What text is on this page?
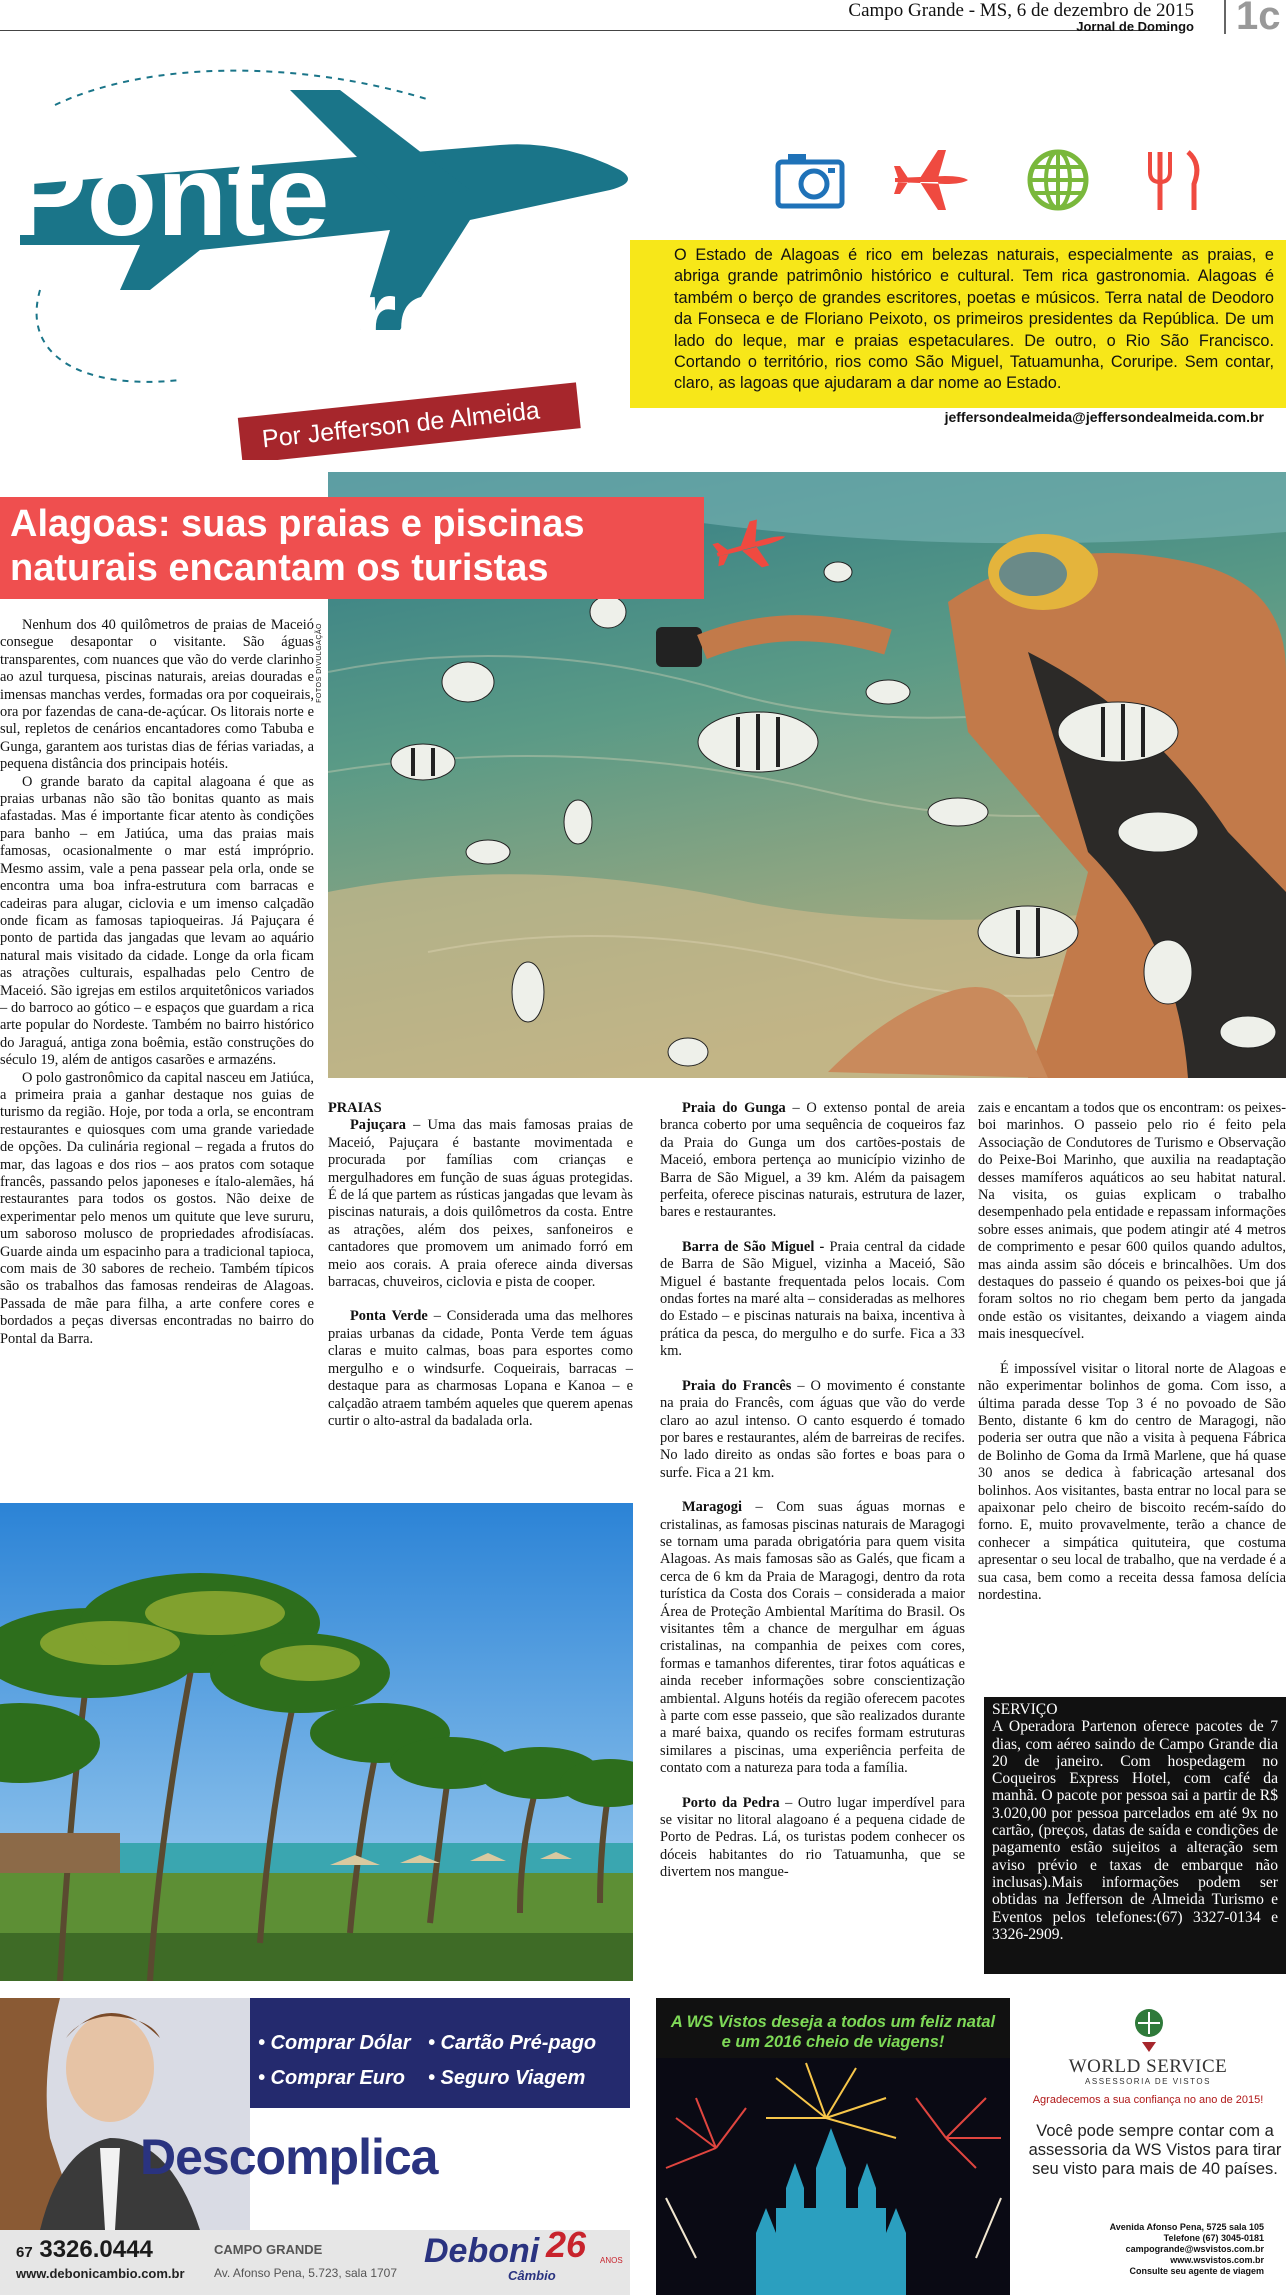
Campo Grande - MS, 6 de dezembro de 2015
Jornal de Domingo 1c
Ponte
Aérea
Por Jefferson de Almeida
O Estado de Alagoas é rico em belezas naturais, especialmente as praias, e abriga grande patrimônio histórico e cultural. Tem rica gastronomia. Alagoas é também o berço de grandes escritores, poetas e músicos. Terra natal de Deodoro da Fonseca e de Floriano Peixoto, os primeiros presidentes da República. De um lado do leque, mar e praias espetaculares. De outro, o Rio São Francisco. Cortando o território, rios como São Miguel, Tatuamunha, Coruripe. Sem contar, claro, as lagoas que ajudaram a dar nome ao Estado.
jeffersondealmeida@jeffersondealmeida.com.br
FOTOS DIVULGAÇÃO
Alagoas: suas praias e piscinas
naturais encantam os turistas

Nenhum dos 40 quilômetros de praias de Maceió consegue desapontar o visitante. São águas transparentes, com nuances que vão do verde clarinho ao azul turquesa, piscinas naturais, areias douradas e imensas manchas verdes, formadas ora por coqueirais, ora por fazendas de cana-de-açúcar. Os litorais norte e sul, repletos de cenários encantadores como Tabuba e Gunga, garantem aos turistas dias de férias variadas, a pequena distância dos principais hotéis.

O grande barato da capital alagoana é que as praias urbanas não são tão bonitas quanto as mais afastadas. Mas é importante ficar atento às condições para banho – em Jatiúca, uma das praias mais famosas, ocasionalmente o mar está impróprio. Mesmo assim, vale a pena passear pela orla, onde se encontra uma boa infra-estrutura com barracas e cadeiras para alugar, ciclovia e um imenso calçadão onde ficam as famosas tapioqueiras. Já Pajuçara é ponto de partida das jangadas que levam ao aquário natural mais visitado da cidade. Longe da orla ficam as atrações culturais, espalhadas pelo Centro de Maceió. São igrejas em estilos arquitetônicos variados – do barroco ao gótico – e espaços que guardam a rica arte popular do Nordeste. Também no bairro histórico do Jaraguá, antiga zona boêmia, estão construções do século 19, além de antigos casarões e armazéns.

O polo gastronômico da capital nasceu em Jatiúca, a primeira praia a ganhar destaque nos guias de turismo da região. Hoje, por toda a orla, se encontram restaurantes e quiosques com uma grande variedade de opções. Da culinária regional – regada a frutos do mar, das lagoas e dos rios – aos pratos com sotaque francês, passando pelos japoneses e ítalo-alemães, há restaurantes para todos os gostos. Não deixe de experimentar pelo menos um quitute que leve sururu, um saboroso molusco de propriedades afrodisíacas. Guarde ainda um espacinho para a tradicional tapioca, com mais de 30 sabores de recheio. Também típicos são os trabalhos das famosas rendeiras de Alagoas. Passada de mãe para filha, a arte confere cores e bordados a peças diversas encontradas no bairro do Pontal da Barra.

PRAIAS

Pajuçara – Uma das mais famosas praias de Maceió, Pajuçara é bastante movimentada e procurada por famílias com crianças e mergulhadores em função de suas águas protegidas. É de lá que partem as rústicas jangadas que levam às piscinas naturais, a dois quilômetros da costa. Entre as atrações, além dos peixes, sanfoneiros e cantadores que promovem um animado forró em meio aos corais. A praia oferece ainda diversas barracas, chuveiros, ciclovia e pista de cooper.

Ponta Verde – Considerada uma das melhores praias urbanas da cidade, Ponta Verde tem águas claras e muito calmas, boas para esportes como mergulho e o windsurfe. Coqueirais, barracas – destaque para as charmosas Lopana e Kanoa – e calçadão atraem também aqueles que querem apenas curtir o alto-astral da badalada orla.

Praia do Gunga – O extenso pontal de areia branca coberto por uma sequência de coqueiros faz da Praia do Gunga um dos cartões-postais de Maceió, embora pertença ao município vizinho de Barra de São Miguel, a 39 km. Além da paisagem perfeita, oferece piscinas naturais, estrutura de lazer, bares e restaurantes.

Barra de São Miguel - Praia central da cidade de Barra de São Miguel, vizinha a Maceió, São Miguel é bastante frequentada pelos locais. Com ondas fortes na maré alta – consideradas as melhores do Estado – e piscinas naturais na baixa, incentiva à prática da pesca, do mergulho e do surfe. Fica a 33 km.

Praia do Francês – O movimento é constante na praia do Francês, com águas que vão do verde claro ao azul intenso. O canto esquerdo é tomado por bares e restaurantes, além de barreiras de recifes. No lado direito as ondas são fortes e boas para o surfe. Fica a 21 km.

Maragogi – Com suas águas mornas e cristalinas, as famosas piscinas naturais de Maragogi se tornam uma parada obrigatória para quem visita Alagoas. As mais famosas são as Galés, que ficam a cerca de 6 km da Praia de Maragogi, dentro da rota turística da Costa dos Corais – considerada a maior Área de Proteção Ambiental Marítima do Brasil. Os visitantes têm a chance de mergulhar em águas cristalinas, na companhia de peixes com cores, formas e tamanhos diferentes, tirar fotos aquáticas e ainda receber informações sobre conscientização ambiental. Alguns hotéis da região oferecem pacotes à parte com esse passeio, que são realizados durante a maré baixa, quando os recifes formam estruturas similares a piscinas, uma experiência perfeita de contato com a natureza para toda a família.

Porto da Pedra – Outro lugar imperdível para se visitar no litoral alagoano é a pequena cidade de Porto de Pedras. Lá, os turistas podem conhecer os dóceis habitantes do rio Tatuamunha, que se divertem nos mangue-

zais e encantam a todos que os encontram: os peixes-boi marinhos. O passeio pelo rio é feito pela Associação de Condutores de Turismo e Observação do Peixe-Boi Marinho, que auxilia na readaptação desses mamíferos aquáticos ao seu habitat natural. Na visita, os guias explicam o trabalho desempenhado pela entidade e repassam informações sobre esses animais, que podem atingir até 4 metros de comprimento e pesar 600 quilos quando adultos, mas ainda assim são dóceis e brincalhões. Um dos destaques do passeio é quando os peixes-boi que já foram soltos no rio chegam bem perto da jangada onde estão os visitantes, deixando a viagem ainda mais inesquecível.

É impossível visitar o litoral norte de Alagoas e não experimentar bolinhos de goma. Com isso, a última parada desse Top 3 é no povoado de São Bento, distante 6 km do centro de Maragogi, não poderia ser outra que não a visita à pequena Fábrica de Bolinho de Goma da Irmã Marlene, que há quase 30 anos se dedica à fabricação artesanal dos bolinhos. Aos visitantes, basta entrar no local para se apaixonar pelo cheiro de biscoito recém-saído do forno. E, muito provavelmente, terão a chance de conhecer a simpática quituteira, que costuma apresentar o seu local de trabalho, que na verdade é a sua casa, bem como a receita dessa famosa delícia nordestina.

SERVIÇO
A Operadora Partenon oferece pacotes de 7 dias, com aéreo saindo de Campo Grande dia 20 de janeiro. Com hospedagem no Coqueiros Express Hotel, com café da manhã. O pacote por pessoa sai a partir de R$ 3.020,00 por pessoa parcelados em até 9x no cartão, (preços, datas de saída e condições de pagamento estão sujeitos a alteração sem aviso prévio e taxas de embarque não inclusas).Mais informações podem ser obtidas na Jefferson de Almeida Turismo e Eventos pelos telefones:(67) 3327-0134 e 3326-2909.
• Comprar Dólar • Cartão Pré-pago
• Comprar Euro	• Seguro Viagem
Descomplica
67 3326.0444
www.debonicambio.com.br
CAMPO GRANDE
Av. Afonso Pena, 5.723, sala 1707
Deboni
Câmbio
26 ANOS
A WS Vistos deseja a todos um feliz natal
e um 2016 cheio de viagens!
WORLD SERVICE
ASSESSORIA DE VISTOS
Agradecemos a sua confiança no ano de 2015!
Você pode sempre contar com a assessoria da WS Vistos para tirar seu visto para mais de 40 países.
Avenida Afonso Pena, 5725 sala 105
Telefone (67) 3045-0181
campogrande@wsvistos.com.br
www.wsvistos.com.br
Consulte seu agente de viagem
